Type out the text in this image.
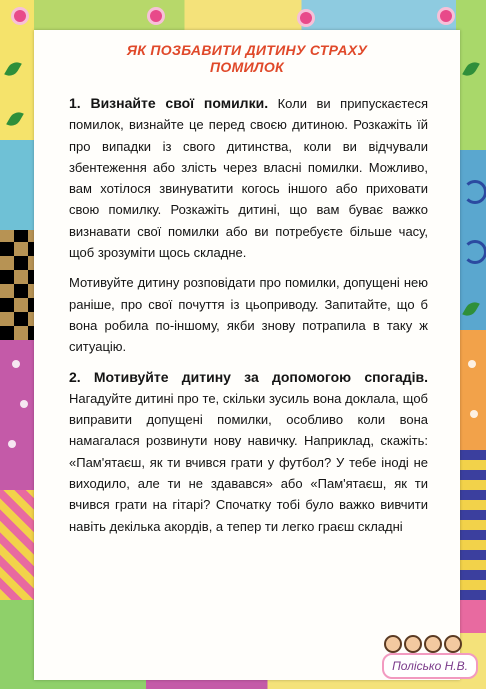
ЯК ПОЗБАВИТИ ДИТИНУ СТРАХУ
ПОМИЛОК

1. Визнайте свої помилки. Коли ви припускаєтеся помилок, визнайте це перед своєю дитиною. Розкажіть їй про випадки із свого дитинства, коли ви відчували збентеження або злість через власні помилки. Можливо, вам хотілося звинуватити когось іншого або приховати свою помилку. Розкажіть дитині, що вам буває важко визнавати свої помилки або ви потребуєте більше часу, щоб зрозуміти щось складне.

Мотивуйте дитину розповідати про помилки, допущені нею раніше, про свої почуття із цьоприводу. Запитайте, що б вона робила по-іншому, якби знову потрапила в таку ж ситуацію.

2. Мотивуйте дитину за допомогою спогадів. Нагадуйте дитині про те, скільки зусиль вона доклала, щоб виправити допущені помилки, особливо коли вона намагалася розвинути нову навичку. Наприклад, скажіть: «Пам'ятаєш, як ти вчився грати у футбол? У тебе іноді не виходило, але ти не здавався» або «Пам'ятаєш, як ти вчився грати на гітарі? Спочатку тобі було важко вивчити навіть декілька акордів, а тепер ти легко граєш складні

Полісько Н.В.
